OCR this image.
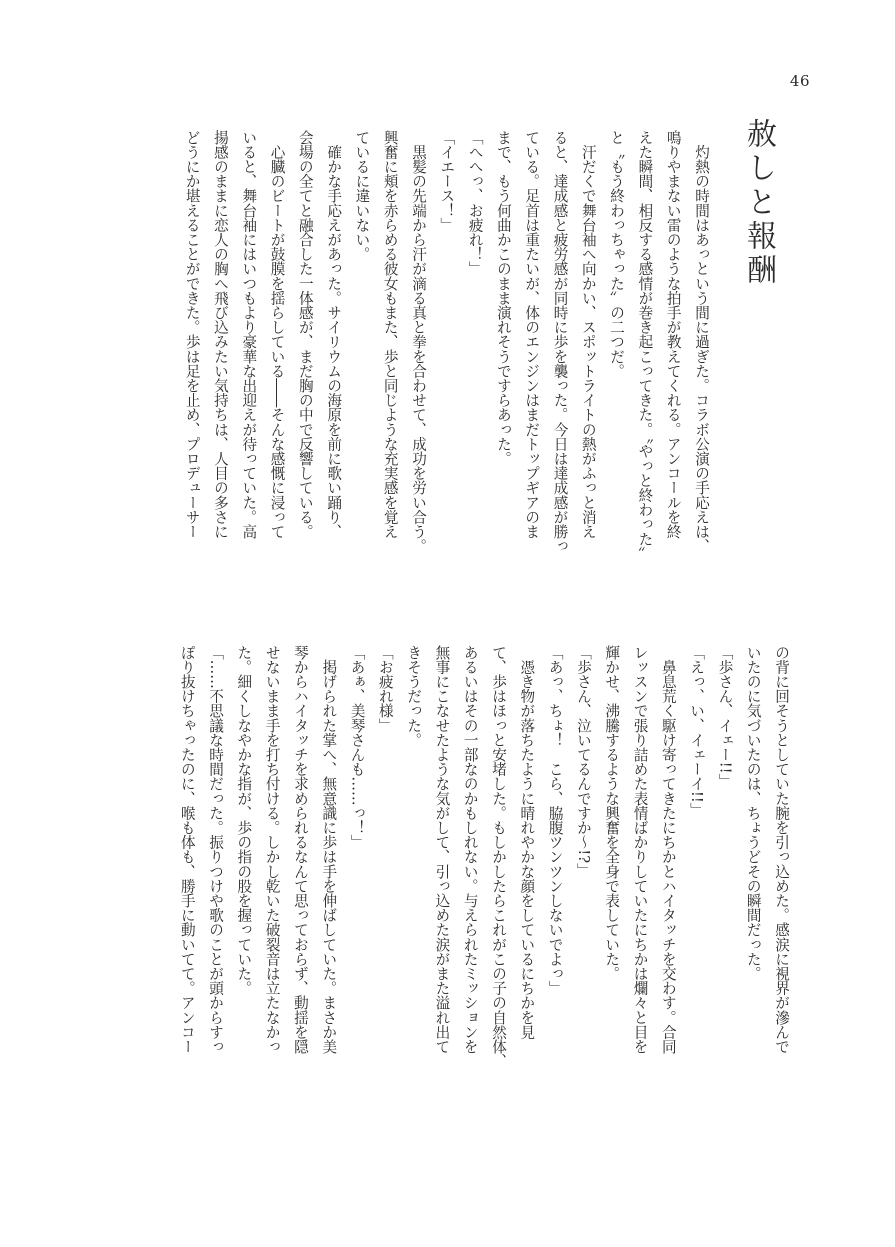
46
赦しと報酬
　灼熱の時間はあっという間に過ぎた。コラボ公演の手応えは、
鳴りやまない雷のような拍手が教えてくれる。アンコールを終
えた瞬間、相反する感情が巻き起こってきた。〝やっと終わった〟
と〝もう終わっちゃった〟の二つだ。
　汗だくで舞台袖へ向かい、スポットライトの熱がふっと消え
ると、達成感と疲労感が同時に歩を襲った。今日は達成感が勝っ
ている。足首は重たいが、体のエンジンはまだトップギアのま
まで、もう何曲かこのまま演れそうですらあった。
「へへっ、お疲れ！」
「イエース！」
　黒髪の先端から汗が滴る真と拳を合わせて、成功を労い合う。
興奮に頬を赤らめる彼女もまた、歩と同じような充実感を覚え
ているに違いない。
　確かな手応えがあった。サイリウムの海原を前に歌い踊り、
会場の全てと融合した一体感が、まだ胸の中で反響している。
　心臓のビートが鼓膜を揺らしている――そんな感慨に浸って
いると、舞台袖にはいつもより豪華な出迎えが待っていた。高
揚感のままに恋人の胸へ飛び込みたい気持ちは、人目の多さに
どうにか堪えることができた。歩は足を止め、プロデューサー
の背に回そうとしていた腕を引っ込めた。感涙に視界が滲んで
いたのに気づいたのは、ちょうどその瞬間だった。
「歩さん、イェー!!」
「えっ、い、イェーイ!!」
　鼻息荒く駆け寄ってきたにちかとハイタッチを交わす。合同
レッスンで張り詰めた表情ばかりしていたにちかは爛々と目を
輝かせ、沸騰するような興奮を全身で表していた。
「歩さん、泣いてるんですか〜!?」
「あっ、ちょ！　こら、脇腹ツンツンしないでよっ」
　憑き物が落ちたように晴れやかな顔をしているにちかを見
て、歩はほっと安堵した。もしかしたらこれがこの子の自然体、
あるいはその一部なのかもしれない。与えられたミッションを
無事にこなせたような気がして、引っ込めた涙がまた溢れ出て
きそうだった。
「お疲れ様」
「あぁ、美琴さんも……っ！」
　掲げられた掌へ、無意識に歩は手を伸ばしていた。まさか美
琴からハイタッチを求められるなんて思っておらず、動揺を隠
せないまま手を打ち付ける。しかし乾いた破裂音は立たなかっ
た。細くしなやかな指が、歩の指の股を握っていた。
「……不思議な時間だった。振りつけや歌のことが頭からすっ
ぽり抜けちゃったのに、喉も体も、勝手に動いてて。アンコー
